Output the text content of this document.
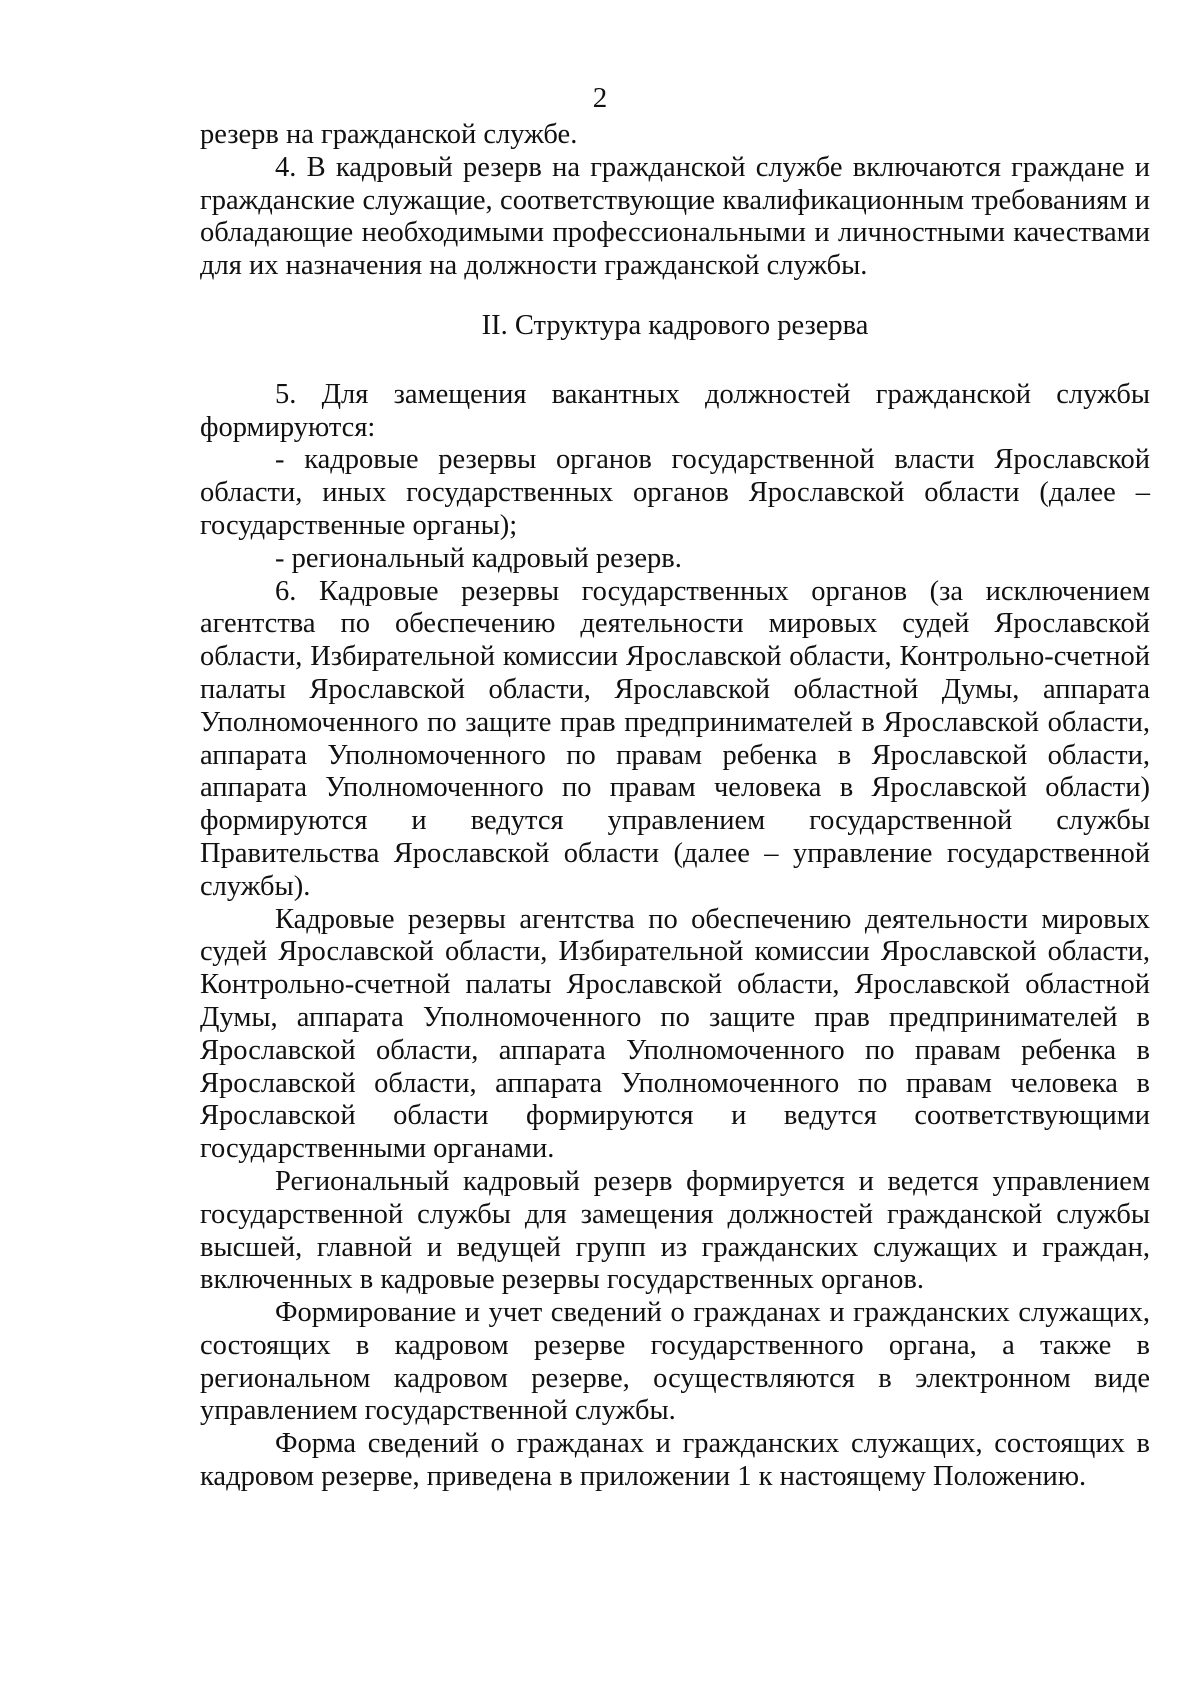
2

резерв на гражданской службе.

4. В кадровый резерв на гражданской службе включаются граждане и гражданские служащие, соответствующие квалификационным требованиям и обладающие необходимыми профессиональными и личностными качествами для их назначения на должности гражданской службы.

II. Структура кадрового резерва

5. Для замещения вакантных должностей гражданской службы формируются:

- кадровые резервы органов государственной власти Ярославской области, иных государственных органов Ярославской области (далее – государственные органы);

- региональный кадровый резерв.

6. Кадровые резервы государственных органов (за исключением агентства по обеспечению деятельности мировых судей Ярославской области, Избирательной комиссии Ярославской области, Контрольно-счетной палаты Ярославской области, Ярославской областной Думы, аппарата Уполномоченного по защите прав предпринимателей в Ярославской области, аппарата Уполномоченного по правам ребенка в Ярославской области, аппарата Уполномоченного по правам человека в Ярославской области) формируются и ведутся управлением государственной службы Правительства Ярославской области (далее – управление государственной службы).

Кадровые резервы агентства по обеспечению деятельности мировых судей Ярославской области, Избирательной комиссии Ярославской области, Контрольно-счетной палаты Ярославской области, Ярославской областной Думы, аппарата Уполномоченного по защите прав предпринимателей в Ярославской области, аппарата Уполномоченного по правам ребенка в Ярославской области, аппарата Уполномоченного по правам человека в Ярославской области формируются и ведутся соответствующими государственными органами.

Региональный кадровый резерв формируется и ведется управлением государственной службы для замещения должностей гражданской службы высшей, главной и ведущей групп из гражданских служащих и граждан, включенных в кадровые резервы государственных органов.

Формирование и учет сведений о гражданах и гражданских служащих, состоящих в кадровом резерве государственного органа, а также в региональном кадровом резерве, осуществляются в электронном виде управлением государственной службы.

Форма сведений о гражданах и гражданских служащих, состоящих в кадровом резерве, приведена в приложении 1 к настоящему Положению.
